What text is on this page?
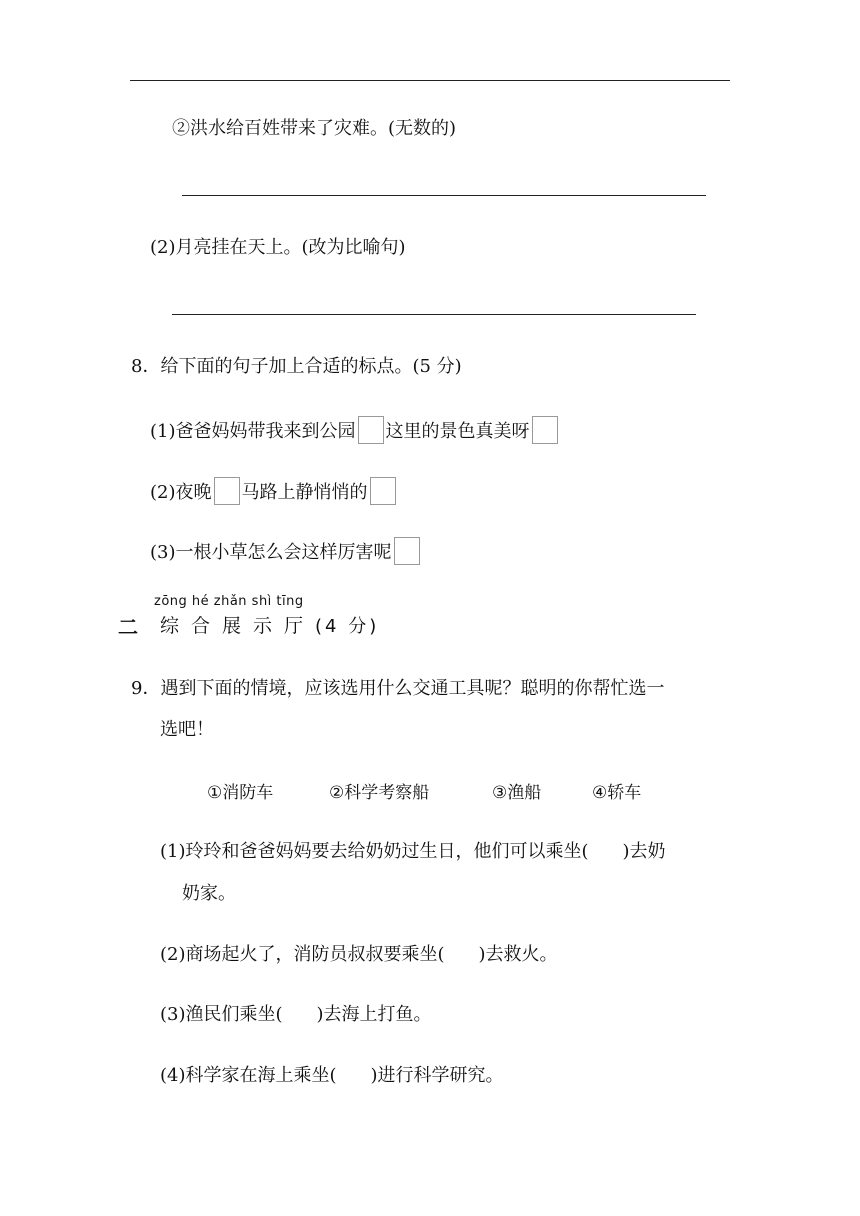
②洪水给百姓带来了灾难。(无数的)
(2)月亮挂在天上。(改为比喻句)
8．给下面的句子加上合适的标点。(5 分)
(1)爸爸妈妈带我来到公园 这里的景色真美呀
(2)夜晚 马路上静悄悄的
(3)一根小草怎么会这样厉害呢
zōng hé zhǎn shì tīng
二 综合展示厅(4 分)
9．遇到下面的情境，应该选用什么交通工具呢？聪明的你帮忙选一
选吧！
①消防车	②科学考察船	③渔船	④轿车
(1)玲玲和爸爸妈妈要去给奶奶过生日，他们可以乘坐( )去奶
奶家。
(2)商场起火了，消防员叔叔要乘坐( )去救火。
(3)渔民们乘坐( )去海上打鱼。
(4)科学家在海上乘坐( )进行科学研究。
